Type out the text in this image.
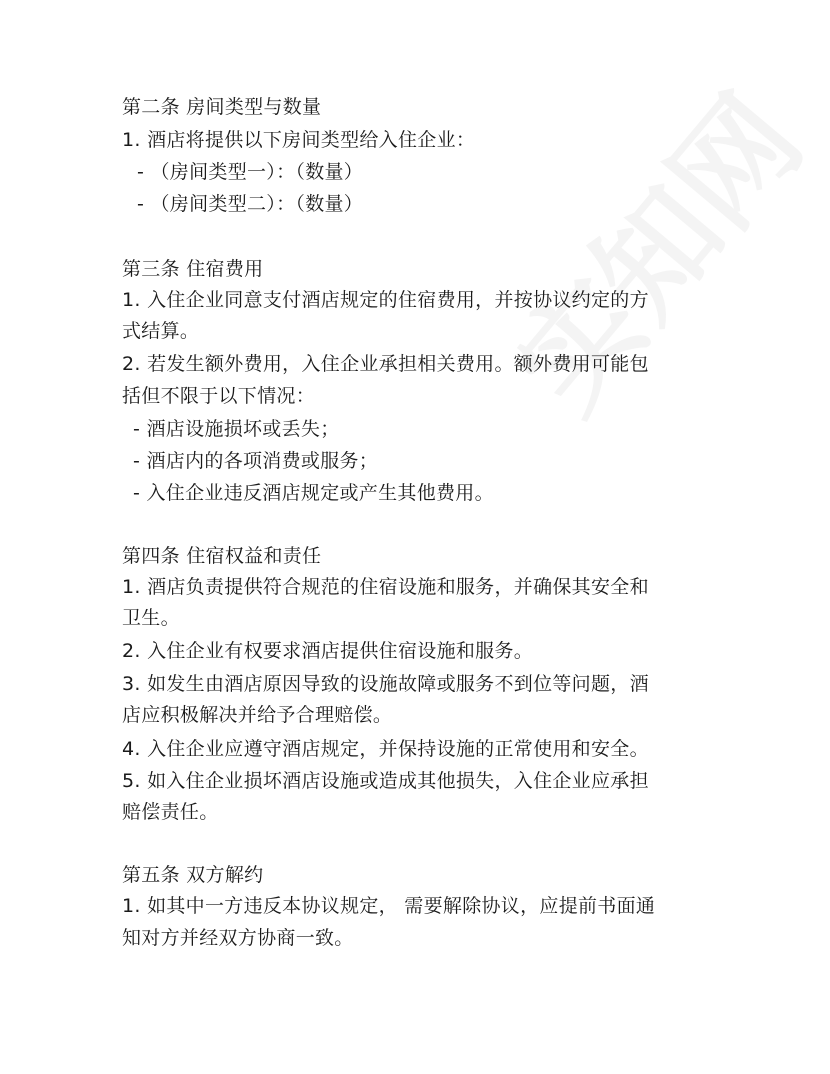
第二条 房间类型与数量
1. 酒店将提供以下房间类型给入住企业：
- （房间类型一）：（数量）
- （房间类型二）：（数量）
第三条 住宿费用
1. 入住企业同意支付酒店规定的住宿费用，并按协议约定的方
式结算。
2. 若发生额外费用，入住企业承担相关费用。额外费用可能包
括但不限于以下情况：
- 酒店设施损坏或丢失；
- 酒店内的各项消费或服务；
- 入住企业违反酒店规定或产生其他费用。
第四条 住宿权益和责任
1. 酒店负责提供符合规范的住宿设施和服务，并确保其安全和
卫生。
2. 入住企业有权要求酒店提供住宿设施和服务。
3. 如发生由酒店原因导致的设施故障或服务不到位等问题，酒
店应积极解决并给予合理赔偿。
4. 入住企业应遵守酒店规定，并保持设施的正常使用和安全。
5. 如入住企业损坏酒店设施或造成其他损失，入住企业应承担
赔偿责任。
第五条 双方解约
1. 如其中一方违反本协议规定， 需要解除协议，应提前书面通
知对方并经双方协商一致。
